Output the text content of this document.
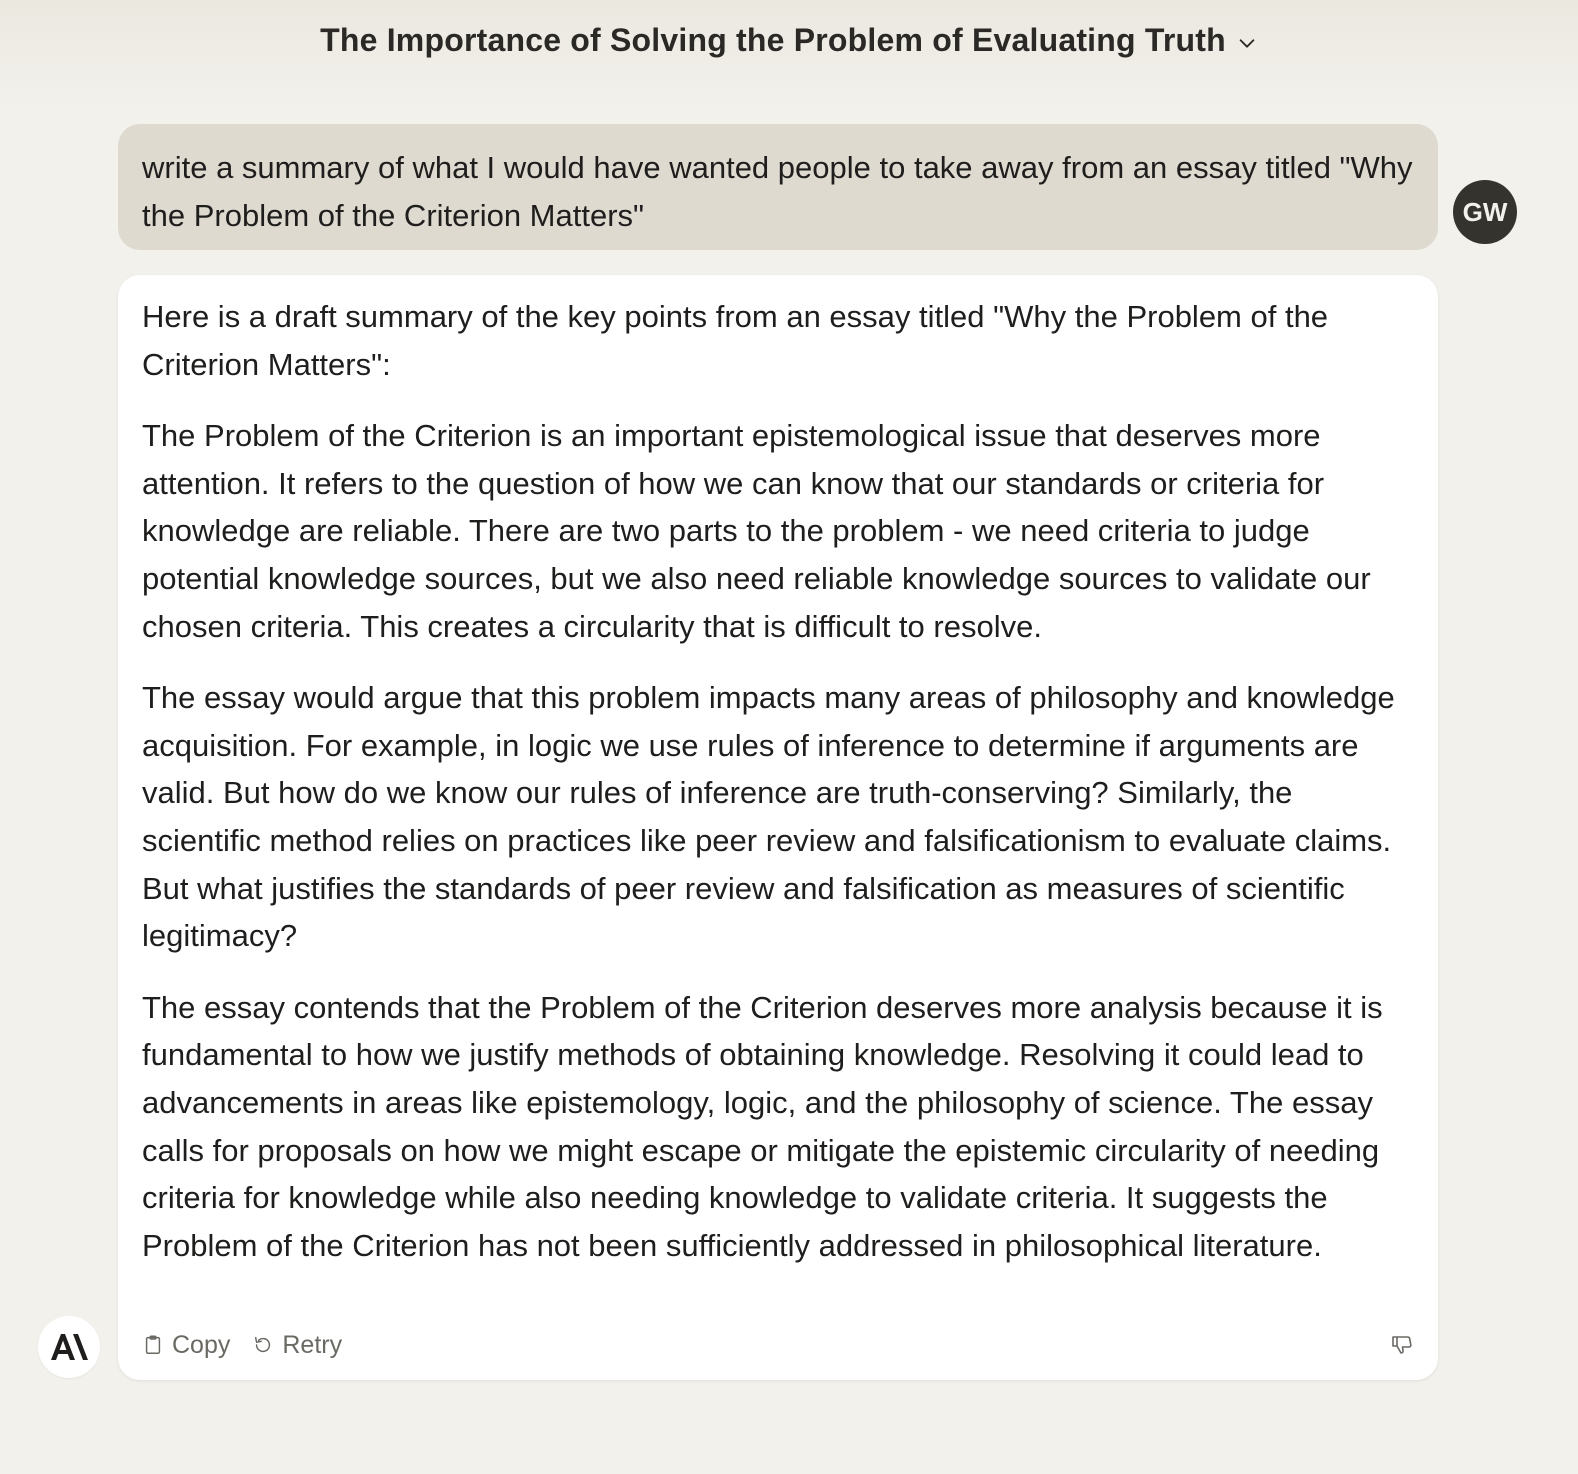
The Importance of Solving the Problem of Evaluating Truth
write a summary of what I would have wanted people to take away from an essay titled "Why the Problem of the Criterion Matters"	GW

Here is a draft summary of the key points from an essay titled "Why the Problem of the Criterion Matters":

The Problem of the Criterion is an important epistemological issue that deserves more attention. It refers to the question of how we can know that our standards or criteria for knowledge are reliable. There are two parts to the problem - we need criteria to judge potential knowledge sources, but we also need reliable knowledge sources to validate our chosen criteria. This creates a circularity that is difficult to resolve.

The essay would argue that this problem impacts many areas of philosophy and knowledge acquisition. For example, in logic we use rules of inference to determine if arguments are valid. But how do we know our rules of inference are truth-conserving? Similarly, the scientific method relies on practices like peer review and falsificationism to evaluate claims. But what justifies the standards of peer review and falsification as measures of scientific legitimacy?

The essay contends that the Problem of the Criterion deserves more analysis because it is fundamental to how we justify methods of obtaining knowledge. Resolving it could lead to advancements in areas like epistemology, logic, and the philosophy of science. The essay calls for proposals on how we might escape or mitigate the epistemic circularity of needing criteria for knowledge while also needing knowledge to validate criteria. It suggests the Problem of the Criterion has not been sufficiently addressed in philosophical literature.

Copy Retry
